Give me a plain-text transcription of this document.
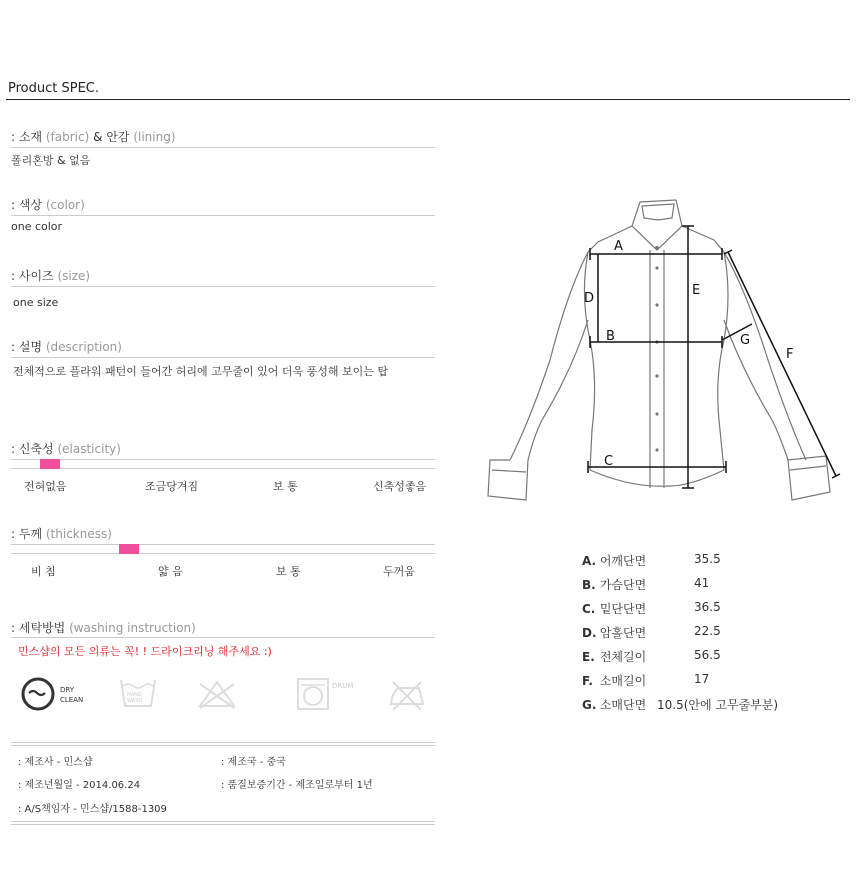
Product SPEC.
: 소재 (fabric) & 안감 (lining)
폴리혼방 & 없음
: 색상 (color)
one color
: 사이즈 (size)
one size
: 설명 (description)
전체적으로 플라워 패턴이 들어간 허리에 고무줄이 있어 더욱 풍성해 보이는 탑
: 신축성 (elasticity)
전혀없음	조금당겨짐	보 통	신축성좋음
: 두께 (thickness)
비 침	얇 음	보 통	두꺼움
: 세탁방법 (washing instruction)
민스샵의 모든 의류는 꼭! ! 드라이크리닝 해주세요 :)
DRY
CLEAN
HAND
WASH
DRUM
: 제조사 - 민스샵	: 제조국 - 중국
: 제조년월일 - 2014.06.24	: 품질보증기간 - 제조일로부터 1년
: A/S책임자 - 민스샵/1588-1309
A
B
C
D
E
F
G
A. 어깨단면	35.5
B. 가슴단면	41
C. 밑단단면	36.5
D. 암홀단면	22.5
E. 전체길이	56.5
F. 소매길이	17
G. 소매단면 10.5(안에 고무줄부분)
